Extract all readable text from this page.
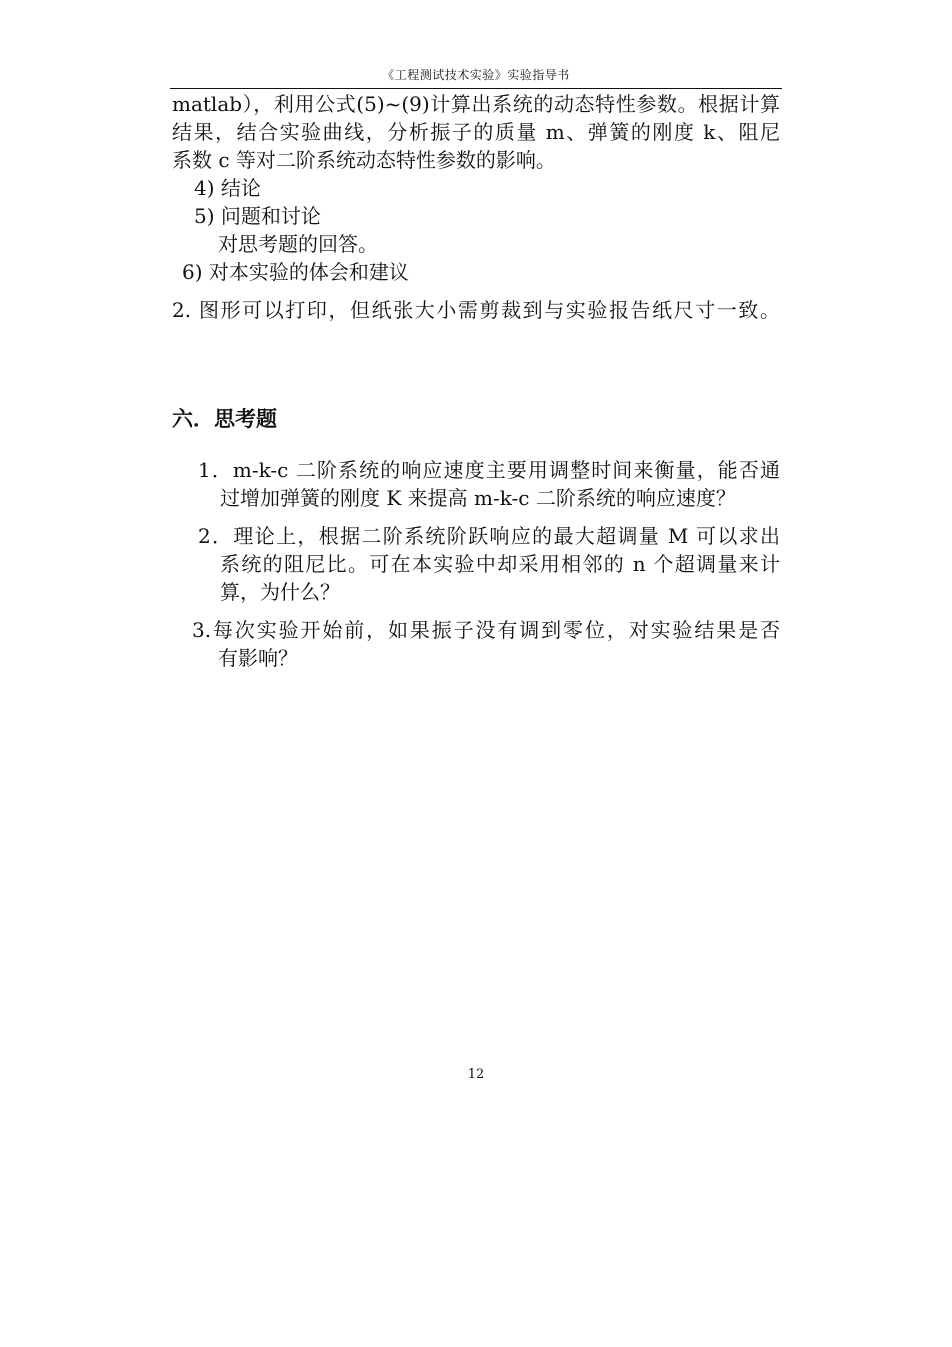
《工程测试技术实验》实验指导书
matlab），利用公式(5)~(9)计算出系统的动态特性参数。根据计算
结果，结合实验曲线，分析振子的质量 m、弹簧的刚度 k、阻尼
系数 c 等对二阶系统动态特性参数的影响。
4) 结论
5) 问题和讨论
对思考题的回答。
6) 对本实验的体会和建议
2. 图形可以打印，但纸张大小需剪裁到与实验报告纸尺寸一致。
六．思考题
1．m-k-c 二阶系统的响应速度主要用调整时间来衡量，能否通
过增加弹簧的刚度 K 来提高 m-k-c 二阶系统的响应速度？
2．理论上，根据二阶系统阶跃响应的最大超调量 M 可以求出
系统的阻尼比。可在本实验中却采用相邻的 n 个超调量来计
算，为什么？
3.每次实验开始前，如果振子没有调到零位，对实验结果是否
有影响？
12
